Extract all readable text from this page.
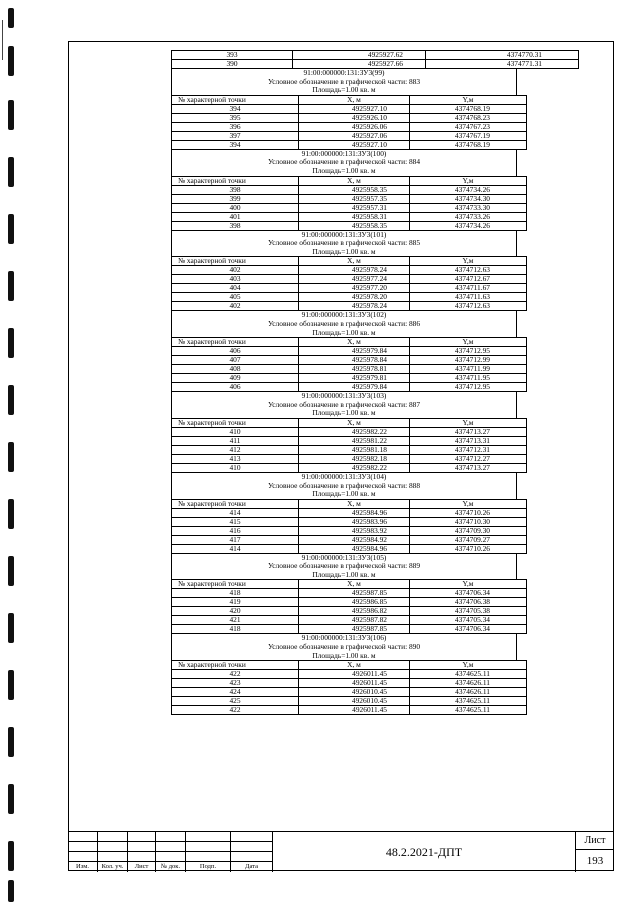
393	4925927.62	4374770.31
390	4925927.66	4374771.31
91:00:000000:131:ЗУ3(99)
Условное обозначение в графической части: 883
Площадь=1.00 кв. м
№ характерной точки	X, м	Y,м
394	4925927.10	4374768.19
395	4925926.10	4374768.23
396	4925926.06	4374767.23
397	4925927.06	4374767.19
394	4925927.10	4374768.19
91:00:000000:131:ЗУ3(100)
Условное обозначение в графической части: 884
Площадь=1.00 кв. м
№ характерной точки	X, м	Y,м
398	4925958.35	4374734.26
399	4925957.35	4374734.30
400	4925957.31	4374733.30
401	4925958.31	4374733.26
398	4925958.35	4374734.26
91:00:000000:131:ЗУ3(101)
Условное обозначение в графической части: 885
Площадь=1.00 кв. м
№ характерной точки	X, м	Y,м
402	4925978.24	4374712.63
403	4925977.24	4374712.67
404	4925977.20	4374711.67
405	4925978.20	4374711.63
402	4925978.24	4374712.63
91:00:000000:131:ЗУ3(102)
Условное обозначение в графической части: 886
Площадь=1.00 кв. м
№ характерной точки	X, м	Y,м
406	4925979.84	4374712.95
407	4925978.84	4374712.99
408	4925978.81	4374711.99
409	4925979.81	4374711.95
406	4925979.84	4374712.95
91:00:000000:131:ЗУ3(103)
Условное обозначение в графической части: 887
Площадь=1.00 кв. м
№ характерной точки	X, м	Y,м
410	4925982.22	4374713.27
411	4925981.22	4374713.31
412	4925981.18	4374712.31
413	4925982.18	4374712.27
410	4925982.22	4374713.27
91:00:000000:131:ЗУ3(104)
Условное обозначение в графической части: 888
Площадь=1.00 кв. м
№ характерной точки	X, м	Y,м
414	4925984.96	4374710.26
415	4925983.96	4374710.30
416	4925983.92	4374709.30
417	4925984.92	4374709.27
414	4925984.96	4374710.26
91:00:000000:131:ЗУ3(105)
Условное обозначение в графической части: 889
Площадь=1.00 кв. м
№ характерной точки	X, м	Y,м
418	4925987.85	4374706.34
419	4925986.85	4374706.38
420	4925986.82	4374705.38
421	4925987.82	4374705.34
418	4925987.85	4374706.34
91:00:000000:131:ЗУ3(106)
Условное обозначение в графической части: 890
Площадь=1.00 кв. м
№ характерной точки	X, м	Y,м
422	4926011.45	4374625.11
423	4926011.45	4374626.11
424	4926010.45	4374626.11
425	4926010.45	4374625.11
422	4926011.45	4374625.11
Изм.	Кол. уч.	Лист	№ док.	Подп.	Дата
48.2.2021-ДПТ
Лист
193
